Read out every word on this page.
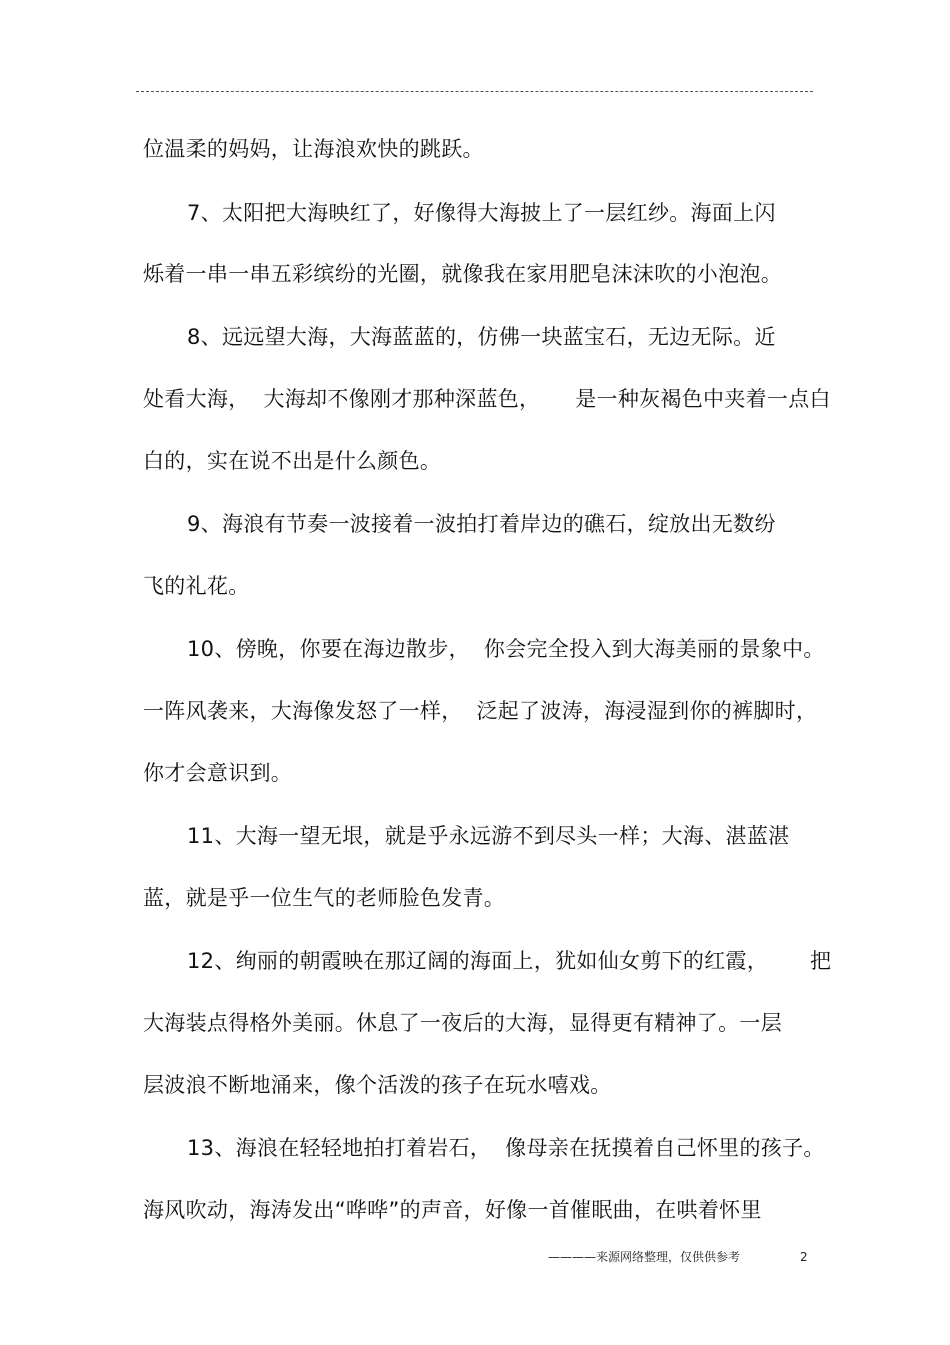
位温柔的妈妈，让海浪欢快的跳跃。
7、太阳把大海映红了，好像得大海披上了一层红纱。海面上闪
烁着一串一串五彩缤纷的光圈，就像我在家用肥皂沫沫吹的小泡泡。
8、远远望大海，大海蓝蓝的，仿佛一块蓝宝石，无边无际。近
处看大海，  大海却不像刚才那种深蓝色，     是一种灰褐色中夹着一点白
白的，实在说不出是什么颜色。
9、海浪有节奏一波接着一波拍打着岸边的礁石，绽放出无数纷
飞的礼花。
10、傍晚，你要在海边散步，  你会完全投入到大海美丽的景象中。
一阵风袭来，大海像发怒了一样，  泛起了波涛，海浸湿到你的裤脚时，
你才会意识到。
11、大海一望无垠，就是乎永远游不到尽头一样；大海、湛蓝湛
蓝，就是乎一位生气的老师脸色发青。
12、绚丽的朝霞映在那辽阔的海面上，犹如仙女剪下的红霞，      把
大海装点得格外美丽。休息了一夜后的大海，显得更有精神了。一层
层波浪不断地涌来，像个活泼的孩子在玩水嘻戏。
13、海浪在轻轻地拍打着岩石，  像母亲在抚摸着自己怀里的孩子。
海风吹动，海涛发出“哗哗”的声音，好像一首催眠曲，在哄着怀里
————来源网络整理，仅供供参考	2
